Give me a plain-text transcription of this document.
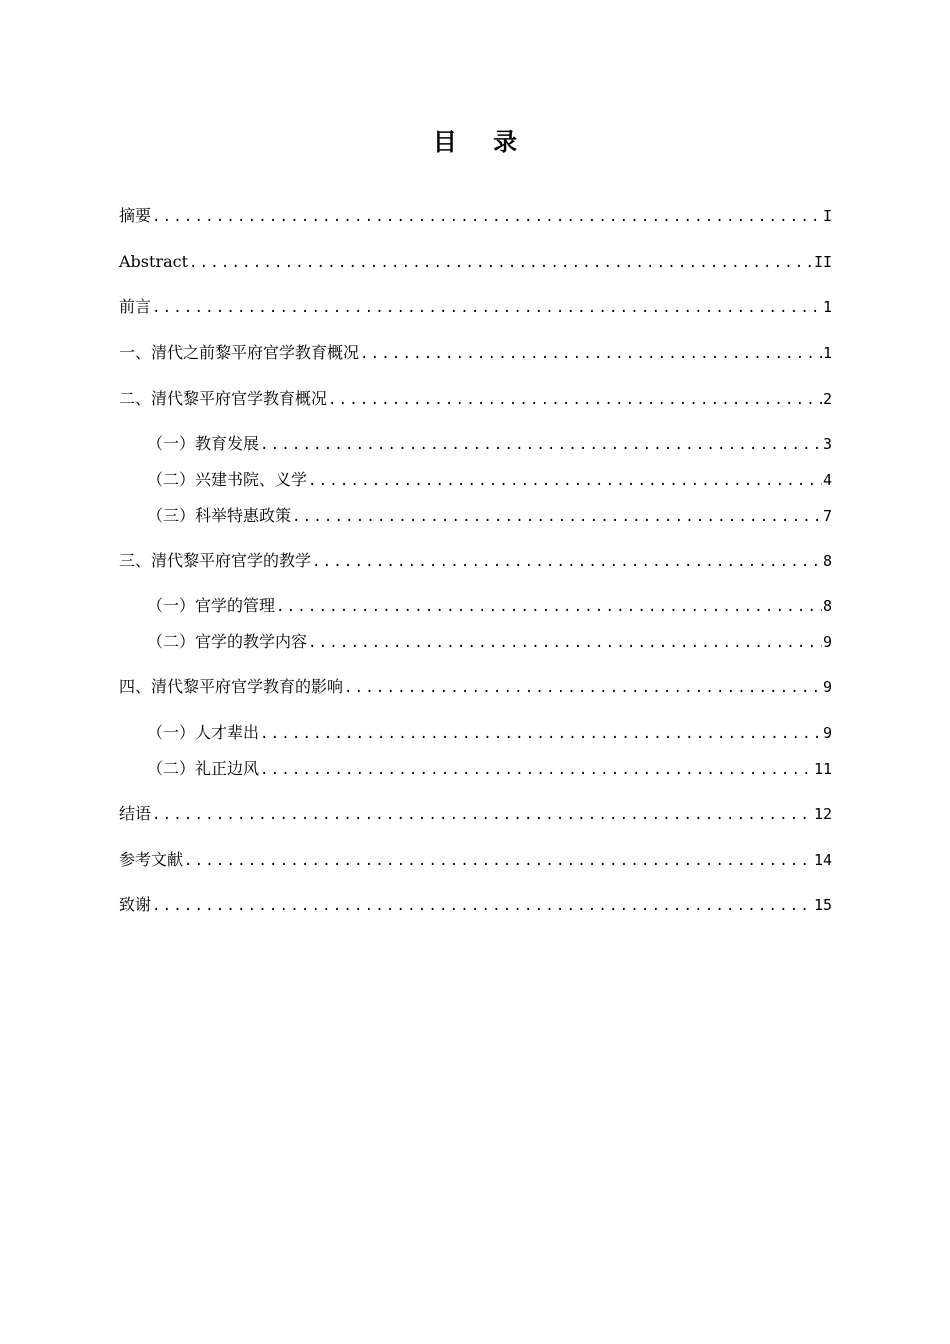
目 录
摘要 .....	I
Abstract .....	II
前言 .....	1
一、清代之前黎平府官学教育概况 .....	1
二、清代黎平府官学教育概况 .....	2
（一）教育发展 .....	3
（二）兴建书院、义学 .....	4
（三）科举特惠政策 .....	7
三、清代黎平府官学的教学 .....	8
（一）官学的管理 .....	8
（二）官学的教学内容 .....	9
四、清代黎平府官学教育的影响 .....	9
（一）人才辈出 .....	9
（二）礼正边风 .....	11
结语 .....	12
参考文献 .....	14
致谢 .....	15
